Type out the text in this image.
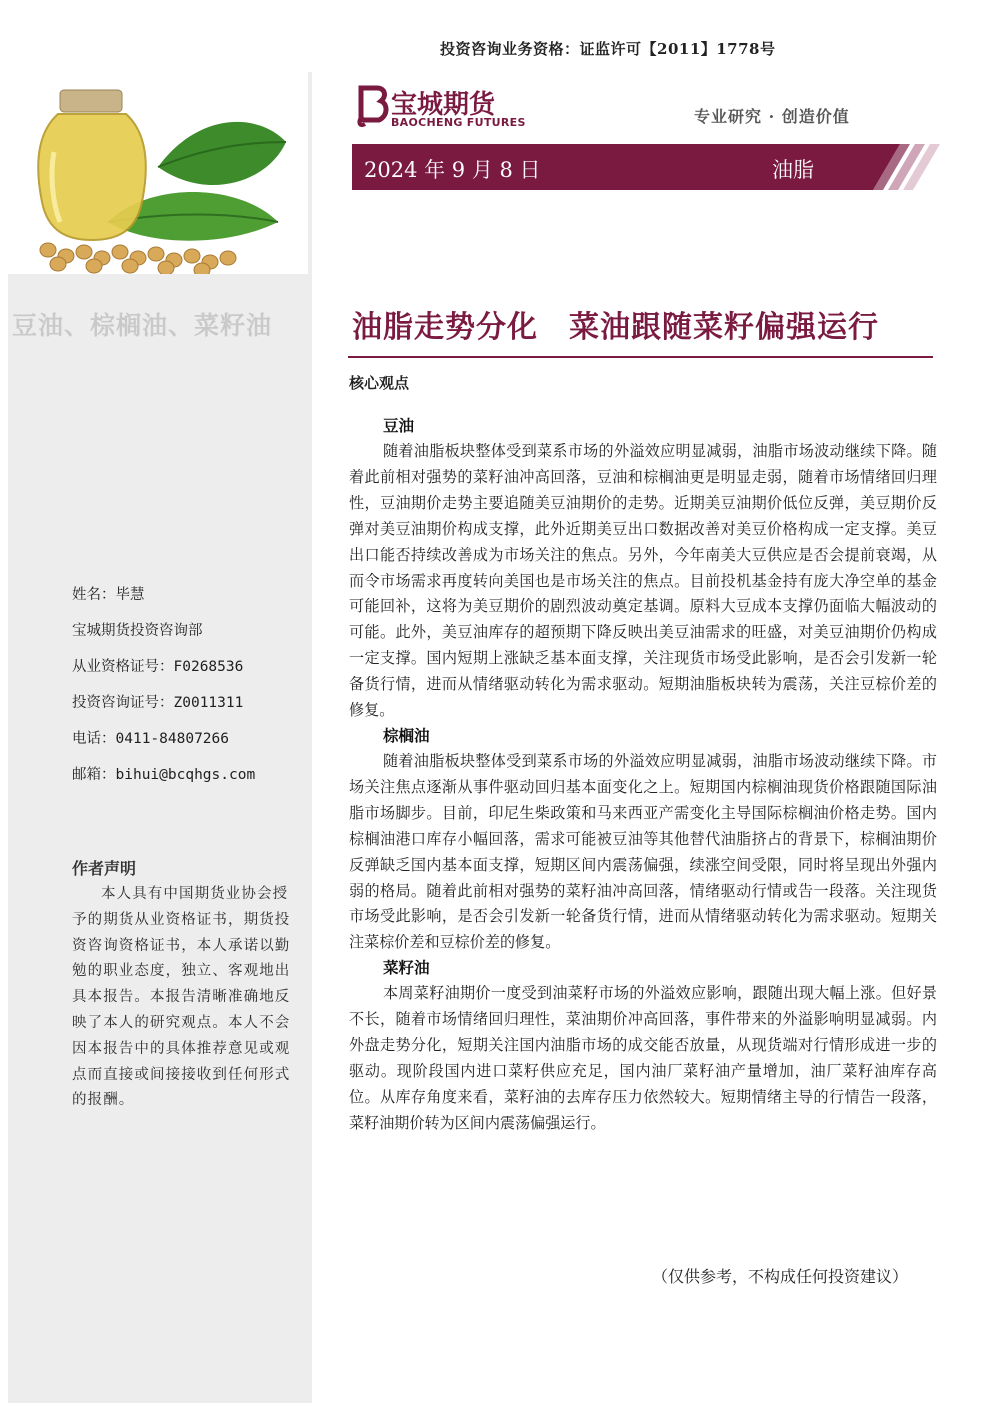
豆油、棕榈油、菜籽油
姓名：毕慧
宝城期货投资咨询部
从业资格证号：F0268536
投资咨询证号：Z0011311
电话：0411-84807266
邮箱：bihui@bcqhgs.com
作者声明
本人具有中国期货业协会授予的期货从业资格证书，期货投资咨询资格证书，本人承诺以勤勉的职业态度，独立、客观地出具本报告。本报告清晰准确地反映了本人的研究观点。本人不会因本报告中的具体推荐意见或观点而直接或间接接收到任何形式的报酬。
投资咨询业务资格：证监许可【2011】1778号
宝城期货
BAOCHENG FUTURES	专业研究 · 创造价值
2024 年 9 月 8 日	油脂
油脂走势分化　菜油跟随菜籽偏强运行
核心观点
豆油

随着油脂板块整体受到菜系市场的外溢效应明显减弱，油脂市场波动继续下降。随着此前相对强势的菜籽油冲高回落，豆油和棕榈油更是明显走弱，随着市场情绪回归理性，豆油期价走势主要追随美豆油期价的走势。近期美豆油期价低位反弹，美豆期价反弹对美豆油期价构成支撑，此外近期美豆出口数据改善对美豆价格构成一定支撑。美豆出口能否持续改善成为市场关注的焦点。另外，今年南美大豆供应是否会提前衰竭，从而令市场需求再度转向美国也是市场关注的焦点。目前投机基金持有庞大净空单的基金可能回补，这将为美豆期价的剧烈波动奠定基调。原料大豆成本支撑仍面临大幅波动的可能。此外，美豆油库存的超预期下降反映出美豆油需求的旺盛，对美豆油期价仍构成一定支撑。国内短期上涨缺乏基本面支撑，关注现货市场受此影响，是否会引发新一轮备货行情，进而从情绪驱动转化为需求驱动。短期油脂板块转为震荡，关注豆棕价差的修复。

棕榈油

随着油脂板块整体受到菜系市场的外溢效应明显减弱，油脂市场波动继续下降。市场关注焦点逐渐从事件驱动回归基本面变化之上。短期国内棕榈油现货价格跟随国际油脂市场脚步。目前，印尼生柴政策和马来西亚产需变化主导国际棕榈油价格走势。国内棕榈油港口库存小幅回落，需求可能被豆油等其他替代油脂挤占的背景下，棕榈油期价反弹缺乏国内基本面支撑，短期区间内震荡偏强，续涨空间受限，同时将呈现出外强内弱的格局。随着此前相对强势的菜籽油冲高回落，情绪驱动行情或告一段落。关注现货市场受此影响，是否会引发新一轮备货行情，进而从情绪驱动转化为需求驱动。短期关注菜棕价差和豆棕价差的修复。

菜籽油

本周菜籽油期价一度受到油菜籽市场的外溢效应影响，跟随出现大幅上涨。但好景不长，随着市场情绪回归理性，菜油期价冲高回落，事件带来的外溢影响明显减弱。内外盘走势分化，短期关注国内油脂市场的成交能否放量，从现货端对行情形成进一步的驱动。现阶段国内进口菜籽供应充足，国内油厂菜籽油产量增加，油厂菜籽油库存高位。从库存角度来看，菜籽油的去库存压力依然较大。短期情绪主导的行情告一段落，菜籽油期价转为区间内震荡偏强运行。

（仅供参考，不构成任何投资建议）
